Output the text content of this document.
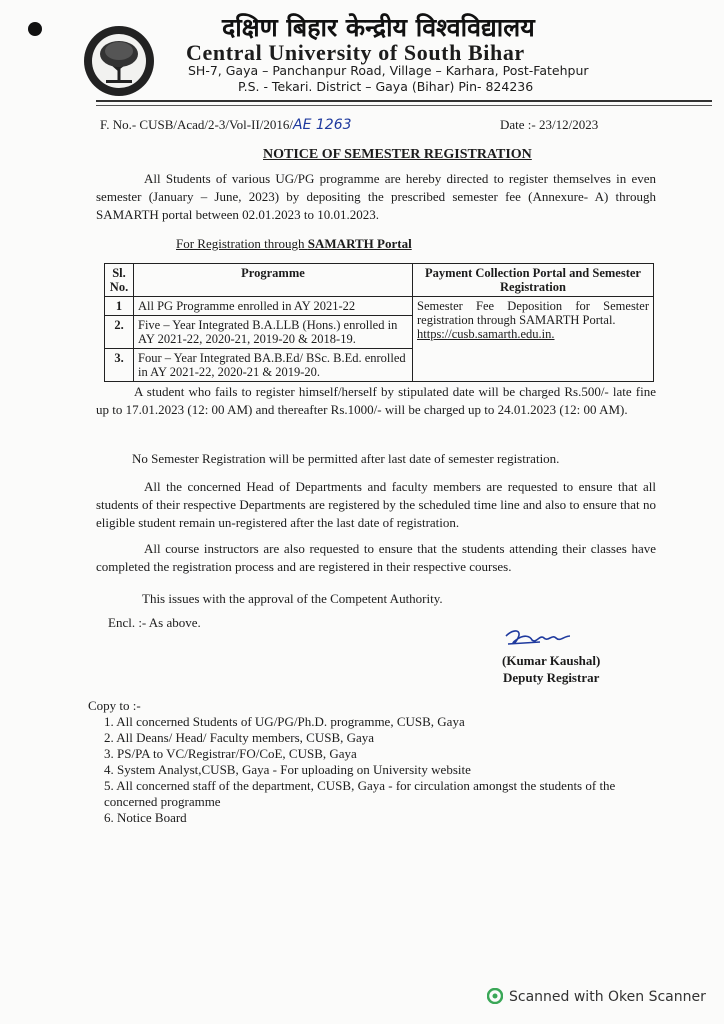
दक्षिण बिहार केन्द्रीय विश्वविद्यालय
Central University of South Bihar
SH-7, Gaya – Panchanpur Road, Village – Karhara, Post-Fatehpur
P.S. - Tekari. District – Gaya (Bihar) Pin- 824236
F. No.- CUSB/Acad/2-3/Vol-II/2016/AE 1263	Date :- 23/12/2023
NOTICE OF SEMESTER REGISTRATION
All Students of various UG/PG programme are hereby directed to register themselves in even semester (January – June, 2023) by depositing the prescribed semester fee (Annexure- A) through SAMARTH portal between 02.01.2023 to 10.01.2023.
For Registration through SAMARTH Portal
Sl. No.	Programme	Payment Collection Portal and Semester Registration
1	All PG Programme enrolled in AY 2021-22	Semester Fee Deposition for Semester registration through SAMARTH Portal.
https://cusb.samarth.edu.in.

2.	Five – Year Integrated B.A.LLB (Hons.) enrolled in AY 2021-22, 2020-21, 2019-20 & 2018-19.	
3.	Four – Year Integrated BA.B.Ed/ BSc. B.Ed. enrolled in AY 2021-22, 2020-21 & 2019-20.	
A student who fails to register himself/herself by stipulated date will be charged Rs.500/- late fine up to 17.01.2023 (12: 00 AM) and thereafter Rs.1000/- will be charged up to 24.01.2023 (12: 00 AM).
No Semester Registration will be permitted after last date of semester registration.
All the concerned Head of Departments and faculty members are requested to ensure that all students of their respective Departments are registered by the scheduled time line and also to ensure that no eligible student remain un-registered after the last date of registration.
All course instructors are also requested to ensure that the students attending their classes have completed the registration process and are registered in their respective courses.
This issues with the approval of the Competent Authority.
Encl. :- As above.
(Kumar Kaushal)
Deputy Registrar
Copy to :-
1. All concerned Students of UG/PG/Ph.D. programme, CUSB, Gaya
2. All Deans/ Head/ Faculty members, CUSB, Gaya
3. PS/PA to VC/Registrar/FO/CoE, CUSB, Gaya
4. System Analyst,CUSB, Gaya - For uploading on University website
5. All concerned staff of the department, CUSB, Gaya - for circulation amongst the students of the concerned programme
6. Notice Board
Scanned with Oken Scanner
